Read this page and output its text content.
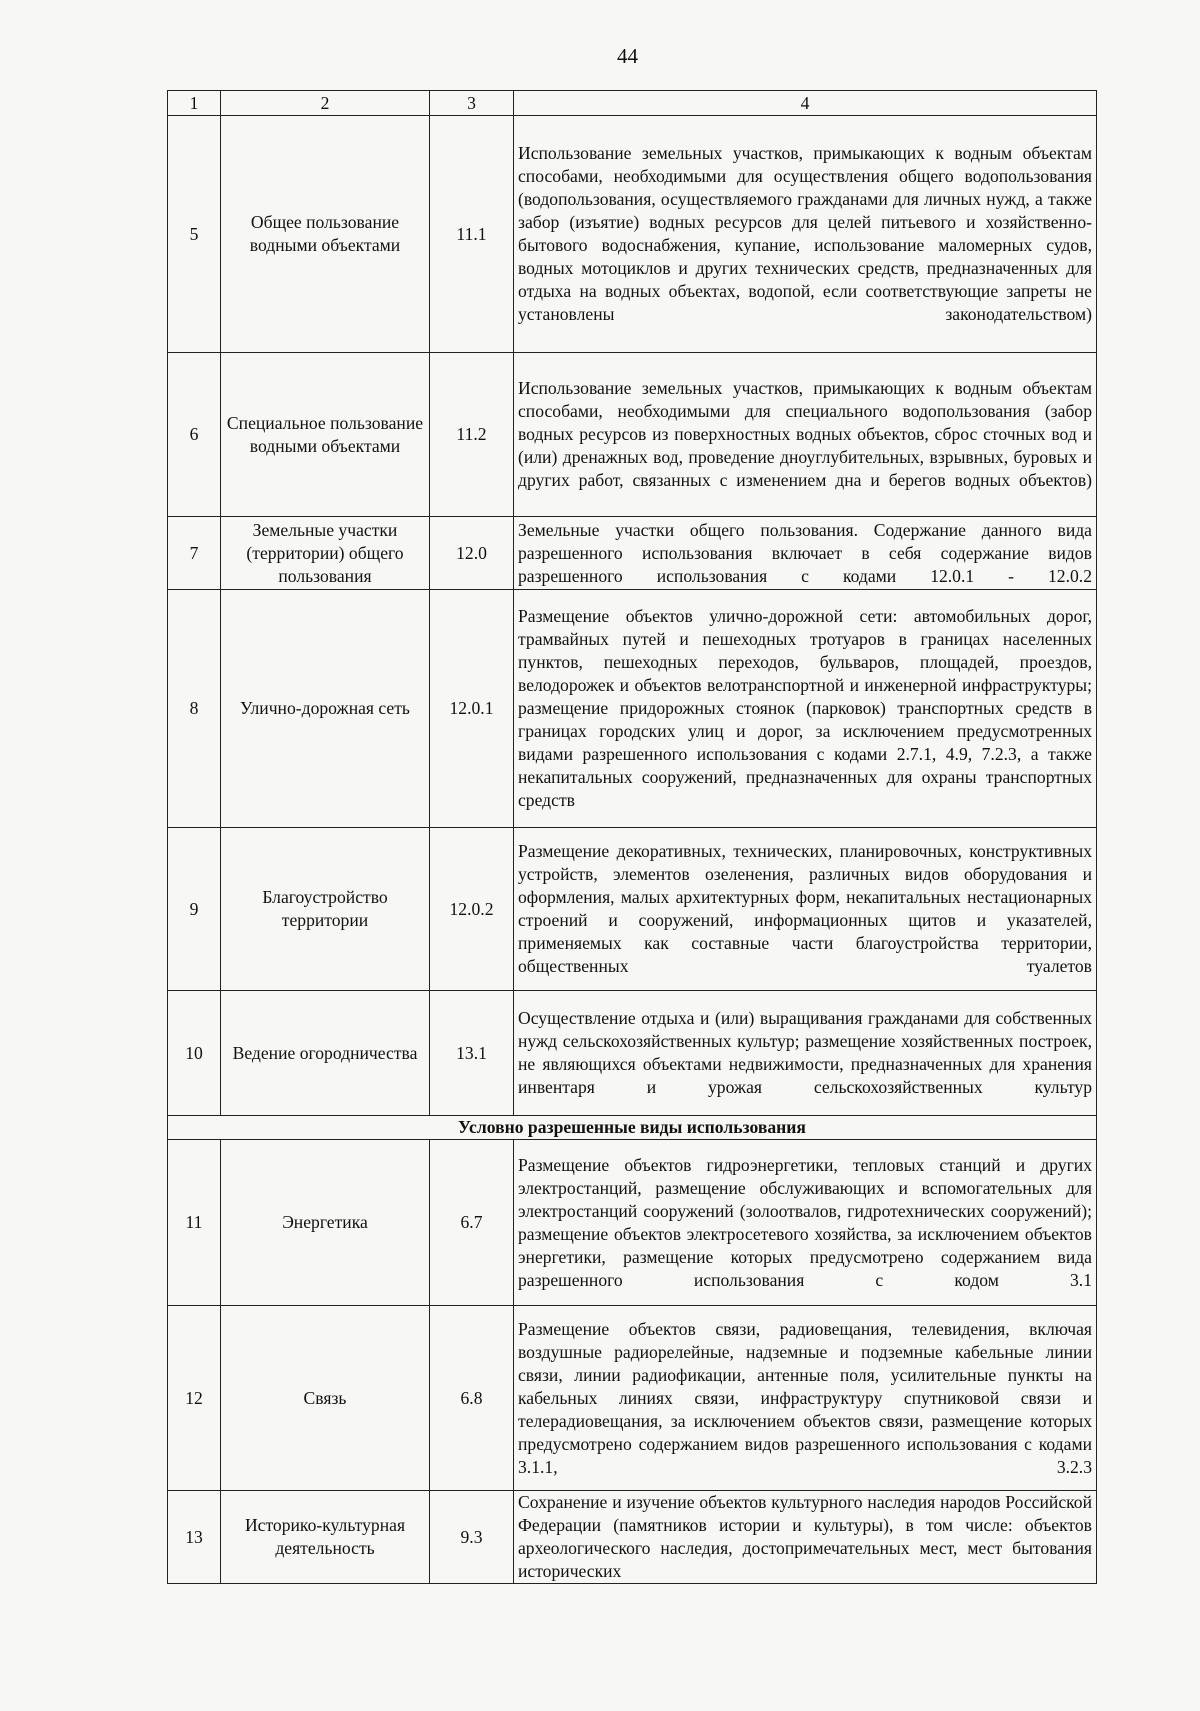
44
1	2	3	4
5	Общее пользование водными объектами	11.1	Использование земельных участков, примыкающих к водным объектам способами, необходимыми для осуществления общего водопользования (водопользования, осуществляемого гражданами для личных нужд, а также забор (изъятие) водных ресурсов для целей питьевого и хозяйственно-бытового водоснабжения, купание, использование маломерных судов, водных мотоциклов и других технических средств, предназначенных для отдыха на водных объектах, водопой, если соответствующие запреты не установлены законодательством)
6	Специальное пользование водными объектами	11.2	Использование земельных участков, примыкающих к водным объектам способами, необходимыми для специального водопользования (забор водных ресурсов из поверхностных водных объектов, сброс сточных вод и (или) дренажных вод, проведение дноуглубительных, взрывных, буровых и других работ, связанных с изменением дна и берегов водных объектов)
7	Земельные участки (территории) общего пользования	12.0	Земельные участки общего пользования. Содержание данного вида разрешенного использования включает в себя содержание видов разрешенного использования с кодами 12.0.1 - 12.0.2
8	Улично-дорожная сеть	12.0.1	Размещение объектов улично-дорожной сети: автомобильных дорог, трамвайных путей и пешеходных тротуаров в границах населенных пунктов, пешеходных переходов, бульваров, площадей, проездов, велодорожек и объектов велотранспортной и инженерной инфраструктуры; размещение придорожных стоянок (парковок) транспортных средств в границах городских улиц и дорог, за исключением предусмотренных видами разрешенного использования с кодами 2.7.1, 4.9, 7.2.3, а также некапитальных сооружений, предназначенных для охраны транспортных средств
9	Благоустройство территории	12.0.2	Размещение декоративных, технических, планировочных, конструктивных устройств, элементов озеленения, различных видов оборудования и оформления, малых архитектурных форм, некапитальных нестационарных строений и сооружений, информационных щитов и указателей, применяемых как составные части благоустройства территории, общественных туалетов
10	Ведение огородничества	13.1	Осуществление отдыха и (или) выращивания гражданами для собственных нужд сельскохозяйственных культур; размещение хозяйственных построек, не являющихся объектами недвижимости, предназначенных для хранения инвентаря и урожая сельскохозяйственных культур
Условно разрешенные виды использования			
11	Энергетика	6.7	Размещение объектов гидроэнергетики, тепловых станций и других электростанций, размещение обслуживающих и вспомогательных для электростанций сооружений (золоотвалов, гидротехнических сооружений); размещение объектов электросетевого хозяйства, за исключением объектов энергетики, размещение которых предусмотрено содержанием вида разрешенного использования с кодом 3.1
12	Связь	6.8	Размещение объектов связи, радиовещания, телевидения, включая воздушные радиорелейные, надземные и подземные кабельные линии связи, линии радиофикации, антенные поля, усилительные пункты на кабельных линиях связи, инфраструктуру спутниковой связи и телерадиовещания, за исключением объектов связи, размещение которых предусмотрено содержанием видов разрешенного использования с кодами 3.1.1, 3.2.3
13	Историко-культурная деятельность	9.3	Сохранение и изучение объектов культурного наследия народов Российской Федерации (памятников истории и культуры), в том числе: объектов археологического наследия, достопримечательных мест, мест бытования исторических
